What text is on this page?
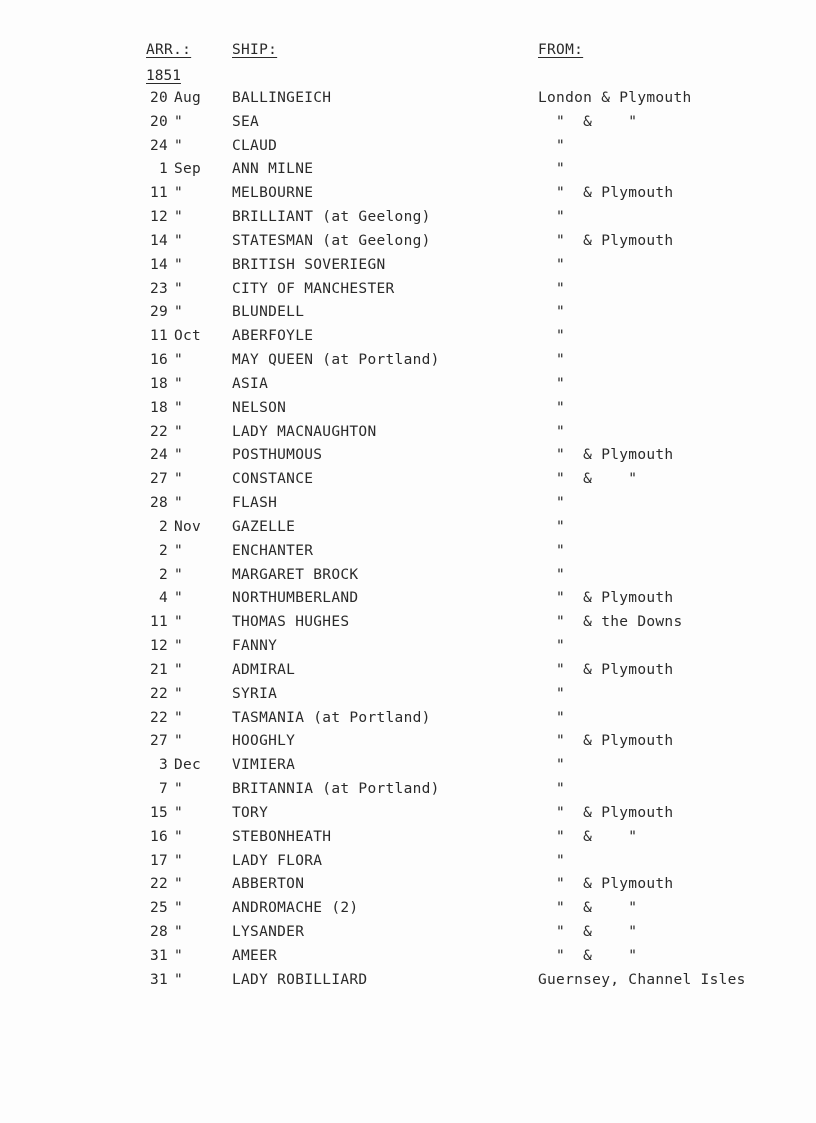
ARR.:	SHIP:	FROM:
1851
20 Aug BALLINGEICH	London & Plymouth
20 "	SEA	"  &    "
24 "	CLAUD	"
1 Sep ANN MILNE	"
11 "	MELBOURNE	"  & Plymouth
12 "	BRILLIANT (at Geelong)	"
14 "	STATESMAN (at Geelong)	"  & Plymouth
14 "	BRITISH SOVERIEGN	"
23 "	CITY OF MANCHESTER	"
29 "	BLUNDELL	"
11 Oct ABERFOYLE	"
16 "	MAY QUEEN (at Portland)	"
18 "	ASIA	"
18 "	NELSON	"
22 "	LADY MACNAUGHTON	"
24 "	POSTHUMOUS	"  & Plymouth
27 "	CONSTANCE	"  &    "
28 "	FLASH	"
2 Nov GAZELLE	"
2 "	ENCHANTER	"
2 "	MARGARET BROCK	"
4 "	NORTHUMBERLAND	"  & Plymouth
11 "	THOMAS HUGHES	"  & the Downs
12 "	FANNY	"
21 "	ADMIRAL	"  & Plymouth
22 "	SYRIA	"
22 "	TASMANIA (at Portland)	"
27 "	HOOGHLY	"  & Plymouth
3 Dec VIMIERA	"
7 "	BRITANNIA (at Portland)	"
15 "	TORY	"  & Plymouth
16 "	STEBONHEATH	"  &    "
17 "	LADY FLORA	"
22 "	ABBERTON	"  & Plymouth
25 "	ANDROMACHE (2)	"  &    "
28 "	LYSANDER	"  &    "
31 "	AMEER	"  &    "
31 "	LADY ROBILLIARD	Guernsey, Channel Isles
